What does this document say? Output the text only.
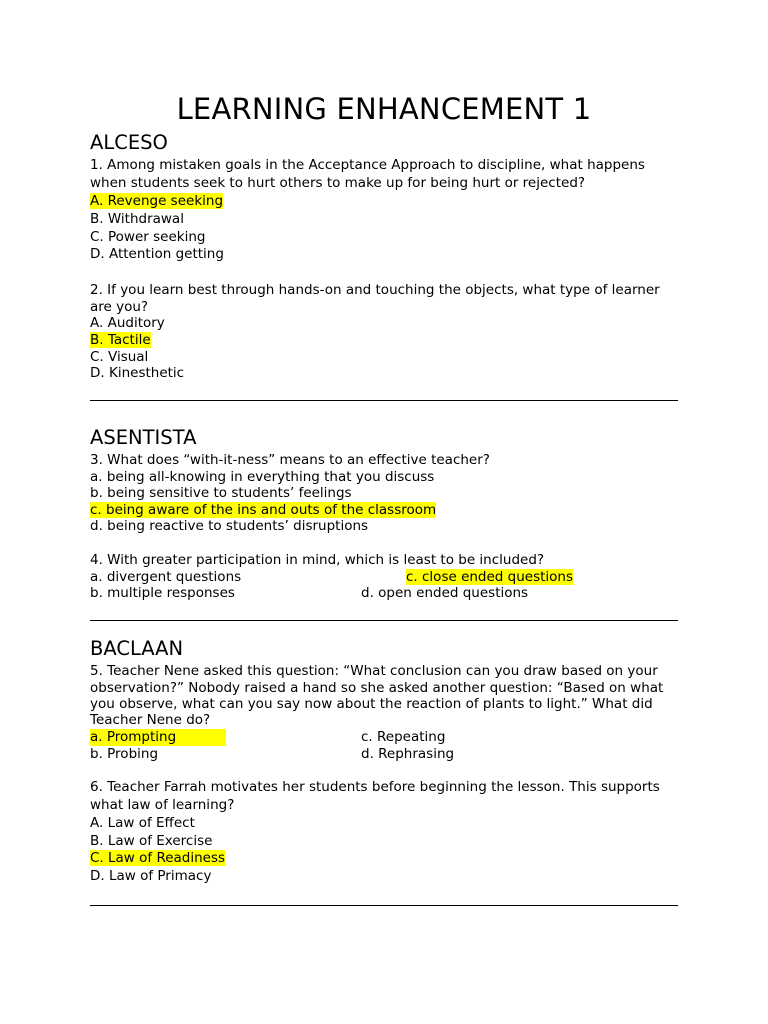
LEARNING ENHANCEMENT 1
ALCESO
1. Among mistaken goals in the Acceptance Approach to discipline, what happens
when students seek to hurt others to make up for being hurt or rejected?
A. Revenge seeking
B. Withdrawal
C. Power seeking
D. Attention getting
2. If you learn best through hands-on and touching the objects, what type of learner
are you?
A. Auditory
B. Tactile
C. Visual
D. Kinesthetic
ASENTISTA
3. What does “with-it-ness” means to an effective teacher?
a. being all-knowing in everything that you discuss
b. being sensitive to students’ feelings
c. being aware of the ins and outs of the classroom
d. being reactive to students’ disruptions
4. With greater participation in mind, which is least to be included?
a. divergent questions	c. close ended questions
b. multiple responses	d. open ended questions
BACLAAN
5. Teacher Nene asked this question: “What conclusion can you draw based on your
observation?” Nobody raised a hand so she asked another question: “Based on what
you observe, what can you say now about the reaction of plants to light.” What did
Teacher Nene do?
a. Prompting	c. Repeating
b. Probing	d. Rephrasing
6. Teacher Farrah motivates her students before beginning the lesson. This supports
what law of learning?
A. Law of Effect
B. Law of Exercise
C. Law of Readiness
D. Law of Primacy
